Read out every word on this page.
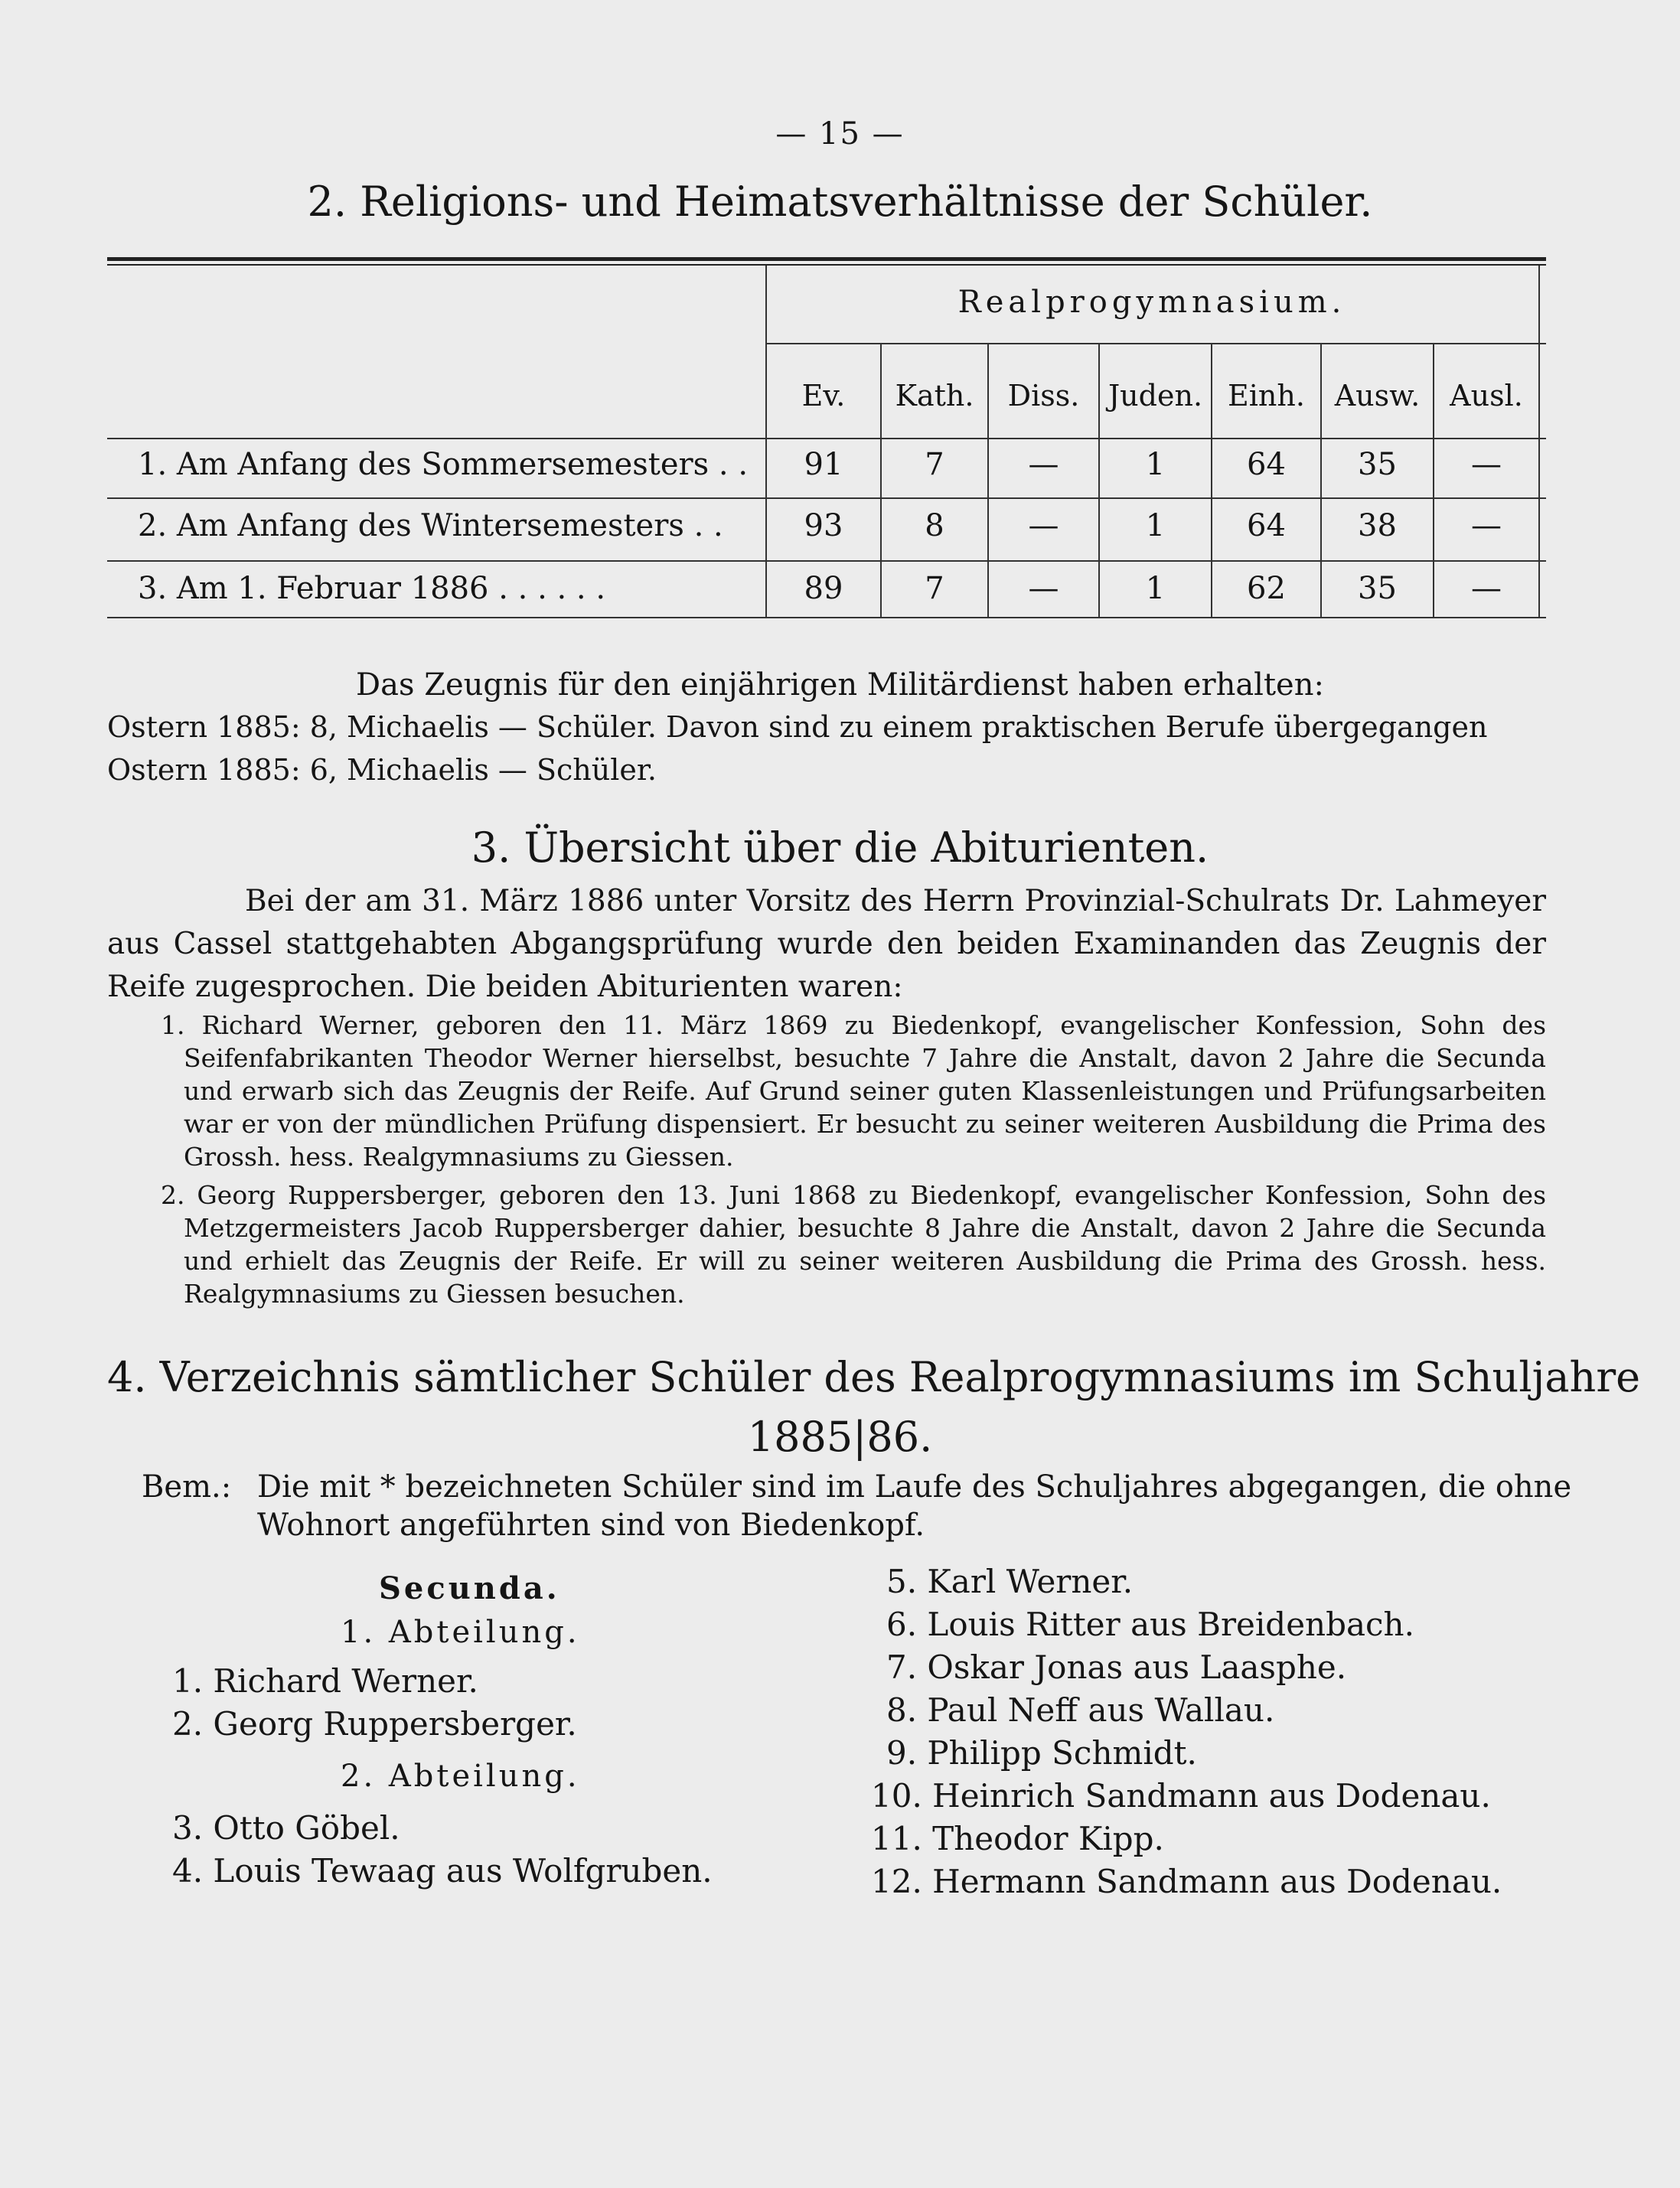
— 15 —
2. Religions- und Heimatsverhältnisse der Schüler.
Realprogymnasium.
Ev.	Kath.	Diss. Juden. Einh.	Ausw.	Ausl.
1. Am Anfang des Sommersemesters . .	91	7	—	1	64	35	—
2. Am Anfang des Wintersemesters . .	93	8	—	1	64	38	—
3. Am 1. Februar 1886 . . . . . .	89	7	—	1	62	35	—
Das Zeugnis für den einjährigen Militärdienst haben erhalten:
Ostern 1885: 8, Michaelis — Schüler. Davon sind zu einem praktischen Berufe übergegangen
Ostern 1885: 6, Michaelis — Schüler.
3. Übersicht über die Abiturienten.
Bei der am 31. März 1886 unter Vorsitz des Herrn Provinzial-Schulrats Dr. Lahmeyer aus Cassel stattgehabten Abgangsprüfung wurde den beiden Examinanden das Zeugnis der Reife zugesprochen. Die beiden Abiturienten waren:
1. Richard Werner, geboren den 11. März 1869 zu Biedenkopf, evangelischer Konfession, Sohn des Seifenfabrikanten Theodor Werner hierselbst, besuchte 7 Jahre die Anstalt, davon 2 Jahre die Secunda und erwarb sich das Zeugnis der Reife. Auf Grund seiner guten Klassenleistungen und Prüfungsarbeiten war er von der mündlichen Prüfung dispensiert. Er besucht zu seiner weiteren Ausbildung die Prima des Grossh. hess. Realgymnasiums zu Giessen.
2. Georg Ruppersberger, geboren den 13. Juni 1868 zu Biedenkopf, evangelischer Konfession, Sohn des Metzgermeisters Jacob Ruppersberger dahier, besuchte 8 Jahre die Anstalt, davon 2 Jahre die Secunda und erhielt das Zeugnis der Reife. Er will zu seiner weiteren Ausbildung die Prima des Grossh. hess. Realgymnasiums zu Giessen besuchen.
4. Verzeichnis sämtlicher Schüler des Realprogymnasiums im Schuljahre
1885|86.
Bem.: Die mit * bezeichneten Schüler sind im Laufe des Schuljahres abgegangen, die ohne
Wohnort angeführten sind von Biedenkopf.
Secunda.
1. Abteilung.
1. Richard Werner.
2. Georg Ruppersberger.
2. Abteilung.
3. Otto Göbel.
4. Louis Tewaag aus Wolfgruben.
5. Karl Werner.
6. Louis Ritter aus Breidenbach.
7. Oskar Jonas aus Laasphe.
8. Paul Neff aus Wallau.
9. Philipp Schmidt.
10. Heinrich Sandmann aus Dodenau.
11. Theodor Kipp.
12. Hermann Sandmann aus Dodenau.
